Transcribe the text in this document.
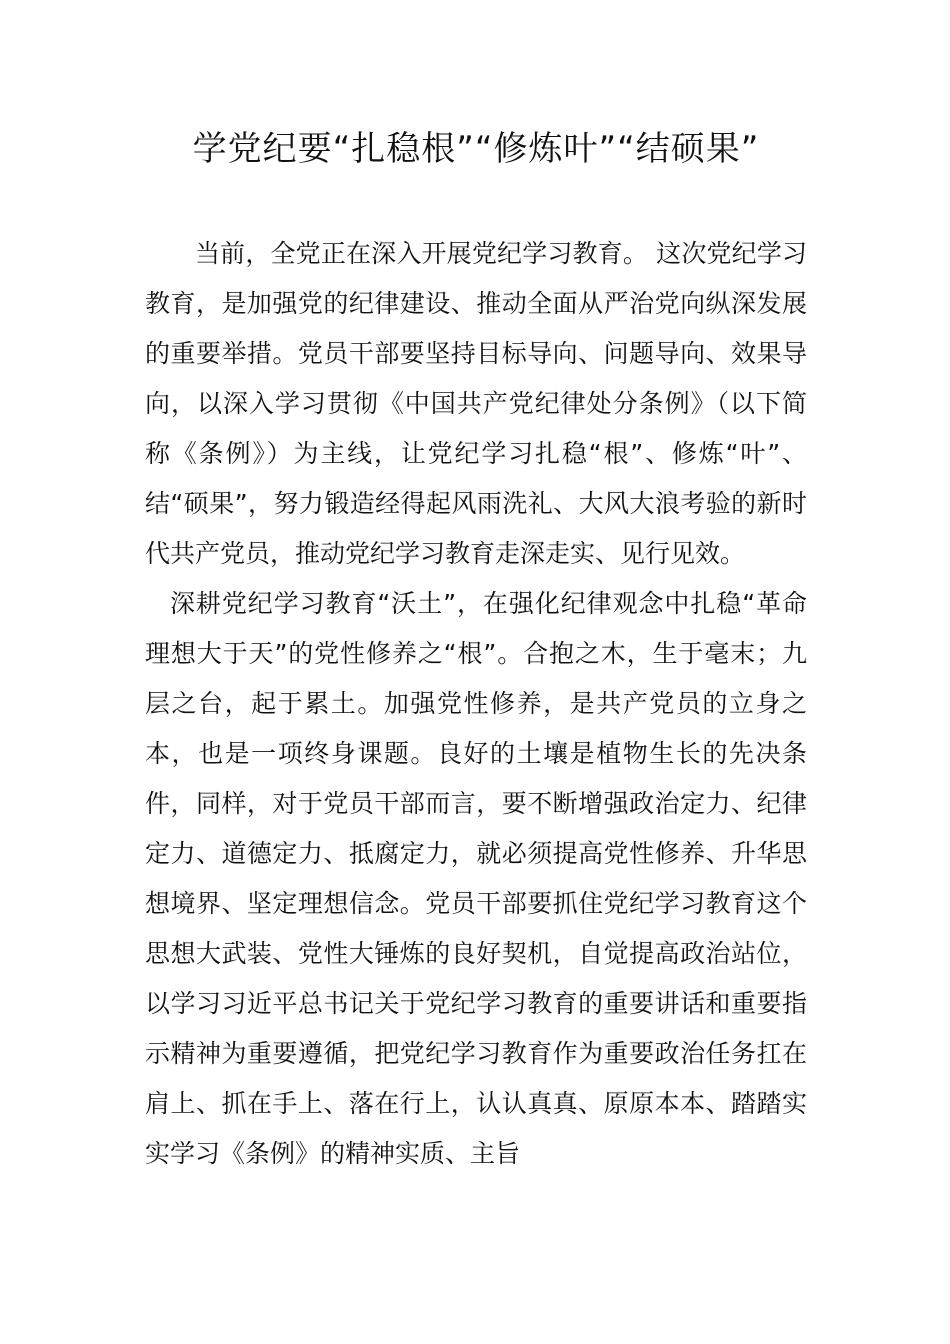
学党纪要“扎稳根”“修炼叶”“结硕果”

当前，全党正在深入开展党纪学习教育。 这次党纪学习教育，是加强党的纪律建设、推动全面从严治党向纵深发展的重要举措。党员干部要坚持目标导向、问题导向、效果导向，以深入学习贯彻《中国共产党纪律处分条例》（以下简称《条例》）为主线，让党纪学习扎稳“根”、修炼“叶”、结“硕果”，努力锻造经得起风雨洗礼、大风大浪考验的新时代共产党员，推动党纪学习教育走深走实、见行见效。

深耕党纪学习教育“沃土”，在强化纪律观念中扎稳“革命理想大于天”的党性修养之“根”。合抱之木，生于毫末；九层之台，起于累土。加强党性修养，是共产党员的立身之本，也是一项终身课题。良好的土壤是植物生长的先决条件，同样，对于党员干部而言，要不断增强政治定力、纪律定力、道德定力、抵腐定力，就必须提高党性修养、升华思想境界、坚定理想信念。党员干部要抓住党纪学习教育这个思想大武装、党性大锤炼的良好契机，自觉提高政治站位，以学习习近平总书记关于党纪学习教育的重要讲话和重要指示精神为重要遵循，把党纪学习教育作为重要政治任务扛在肩上、抓在手上、落在行上，认认真真、原原本本、踏踏实实学习《条例》的精神实质、主旨
